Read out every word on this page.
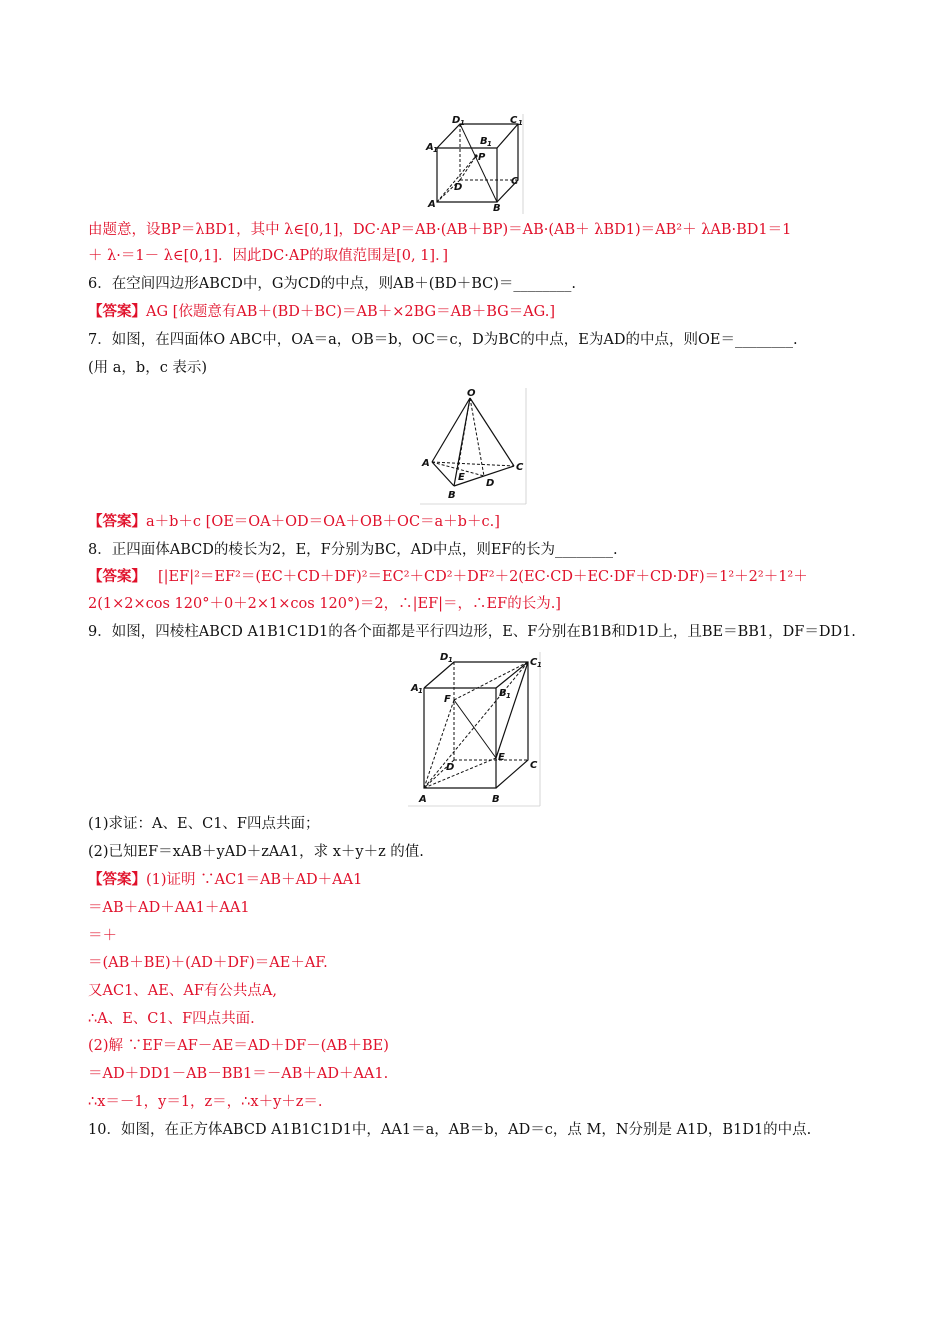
D 1	C 1
A 1
B 1
P
D
C
A	B
由题意，设BP＝λBD1，其中 λ∈[0,1]，DC·AP＝AB·(AB＋BP)＝AB·(AB＋ λBD1)＝AB²＋ λAB·BD1＝1
＋ λ·＝1－ λ∈[0,1]．因此DC·AP的取值范围是[0, 1]．]
6．在空间四边形ABCD中，G为CD的中点，则AB＋(BD＋BC)＝________.
【答案】AG [依题意有AB＋(BD＋BC)＝AB＋×2BG＝AB＋BG＝AG.]
7．如图，在四面体O ABC中，OA＝a，OB＝b，OC＝c，D为BC的中点，E为AD的中点，则OE＝________.
(用 a，b，c 表示)
O
A	C
E
D
B
【答案】a＋b＋c [OE＝OA＋OD＝OA＋OB＋OC＝a＋b＋c.]
8．正四面体ABCD的棱长为2，E，F分别为BC，AD中点，则EF的长为________.
【答案】 [|EF|²＝EF²＝(EC＋CD＋DF)²＝EC²＋CD²＋DF²＋2(EC·CD＋EC·DF＋CD·DF)＝1²＋2²＋1²＋
2(1×2×cos 120°＋0＋2×1×cos 120°)＝2，∴|EF|＝，∴EF的长为.]
9．如图，四棱柱ABCD A1B1C1D1的各个面都是平行四边形，E、F分别在B1B和D1D上，且BE＝BB1，DF＝DD1.
D 1	C 1
A 1	B 1
F
E
D	C
A	B
(1)求证：A、E、C1、F四点共面；
(2)已知EF＝xAB＋yAD＋zAA1，求 x＋y＋z 的值.
【答案】(1)证明 ∵AC1＝AB＋AD＋AA1
＝AB＋AD＋AA1＋AA1
＝＋
＝(AB＋BE)＋(AD＋DF)＝AE＋AF.
又AC1、AE、AF有公共点A,
∴A、E、C1、F四点共面.
(2)解 ∵EF＝AF－AE＝AD＋DF－(AB＋BE)
＝AD＋DD1－AB－BB1＝－AB＋AD＋AA1.
∴x＝－1，y＝1，z＝，∴x＋y＋z＝.
10．如图，在正方体ABCD A1B1C1D1中，AA1＝a，AB＝b，AD＝c，点 M，N分别是 A1D，B1D1的中点.
